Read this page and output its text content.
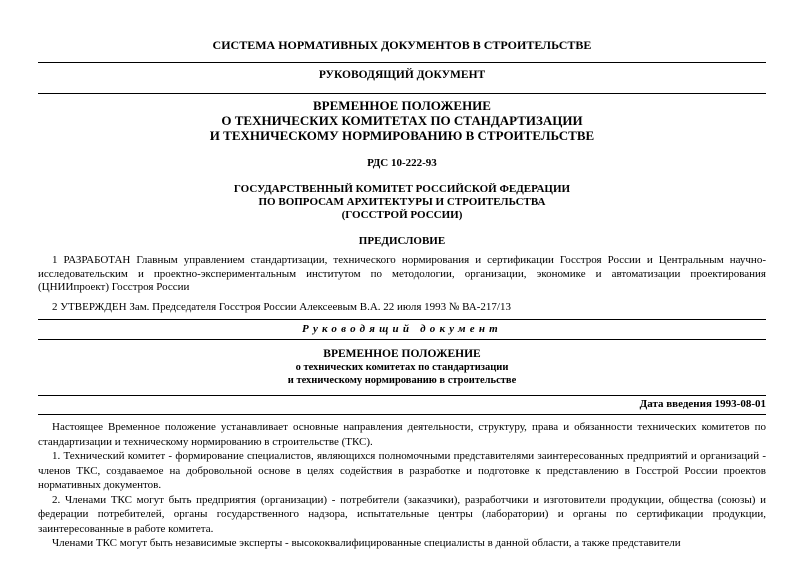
СИСТЕМА НОРМАТИВНЫХ ДОКУМЕНТОВ В СТРОИТЕЛЬСТВЕ
РУКОВОДЯЩИЙ ДОКУМЕНТ
ВРЕМЕННОЕ ПОЛОЖЕНИЕ
О ТЕХНИЧЕСКИХ КОМИТЕТАХ ПО СТАНДАРТИЗАЦИИ
И ТЕХНИЧЕСКОМУ НОРМИРОВАНИЮ В СТРОИТЕЛЬСТВЕ
РДС 10-222-93
ГОСУДАРСТВЕННЫЙ КОМИТЕТ РОССИЙСКОЙ ФЕДЕРАЦИИ
ПО ВОПРОСАМ АРХИТЕКТУРЫ И СТРОИТЕЛЬСТВА
(ГОССТРОЙ РОССИИ)
ПРЕДИСЛОВИЕ

1 РАЗРАБОТАН Главным управлением стандартизации, технического нормирования и сертификации Госстроя России и Центральным научно-исследовательским и проектно-экспериментальным институтом по методологии, организации, экономике и автоматизации проектирования (ЦНИИпроект) Госстроя России

2 УТВЕРЖДЕН Зам. Председателя Госстроя России Алексеевым В.А. 22 июля 1993 № ВА-217/13

Руководящий документ
ВРЕМЕННОЕ ПОЛОЖЕНИЕ
о технических комитетах по стандартизации
и техническому нормированию в строительстве
Дата введения 1993-08-01

Настоящее Временное положение устанавливает основные направления деятельности, структуру, права и обязанности технических комитетов по стандартизации и техническому нормированию в строительстве (ТКС).

1. Технический комитет - формирование специалистов, являющихся полномочными представителями заинтересованных предприятий и организаций - членов ТКС, создаваемое на добровольной основе в целях содействия в разработке и подготовке к представлению в Госстрой России проектов нормативных документов.

2. Членами ТКС могут быть предприятия (организации) - потребители (заказчики), разработчики и изготовители продукции, общества (союзы) и федерации потребителей, органы государственного надзора, испытательные центры (лаборатории) и органы по сертификации продукции, заинтересованные в работе комитета.

Членами ТКС могут быть независимые эксперты - высококвалифицированные специалисты в данной области, а также представители
